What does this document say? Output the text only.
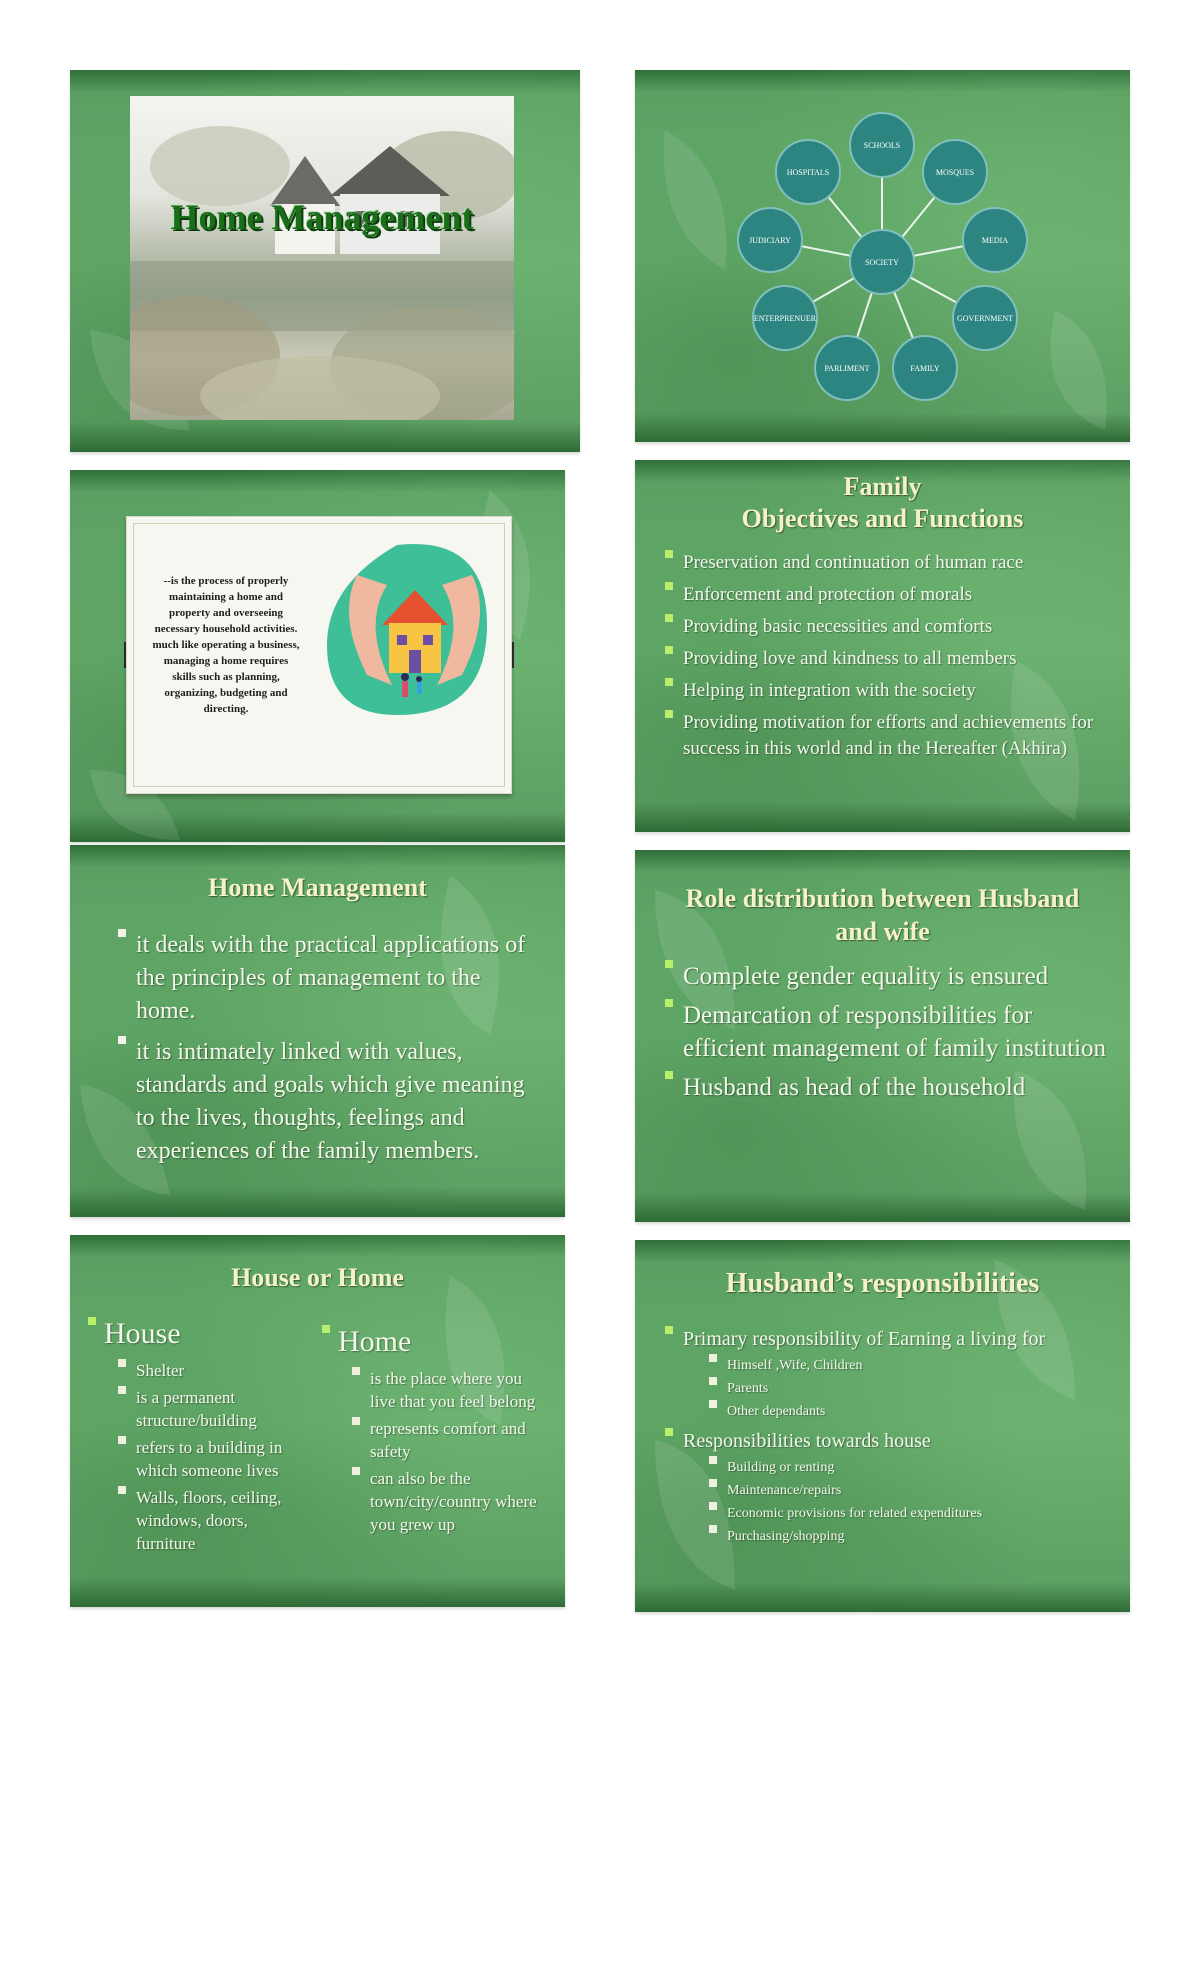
Home Management
SOCIETY
SCHOOLS
MOSQUES
MEDIA
GOVERNMENT
FAMILY
PARLIMENT
ENTERPRENUER
JUDICIARY
HOSPITALS
--is the process of properly maintaining a home and property and overseeing necessary household activities. much like operating a business, managing a home requires skills such as planning, organizing, budgeting and directing.
Family
Objectives and Functions
Preservation and continuation of human race
Enforcement and protection of morals
Providing basic necessities and comforts
Providing love and kindness to all members
Helping in integration with the society
Providing motivation for efforts and achievements for success in this world and in the Hereafter (Akhira)
Home Management
it deals with the practical applications of the principles of management to the home.
it is intimately linked with values, standards and goals which give meaning to the lives, thoughts, feelings and experiences of the family members.
Role distribution between Husband and wife
Complete gender equality is ensured
Demarcation of responsibilities for efficient management of family institution
Husband as head of the household
House or Home
House
Shelter
is a permanent structure/building
refers to a building in which someone lives
Walls, floors, ceiling, windows, doors, furniture
Home
is the place where you live that you feel belong
represents comfort and safety
can also be the town/city/country where you grew up
Husband’s responsibilities
Primary responsibility of Earning a living for
Himself ,Wife, Children
Parents
Other dependants
Responsibilities towards house
Building or renting
Maintenance/repairs
Economic provisions for related expenditures
Purchasing/shopping
